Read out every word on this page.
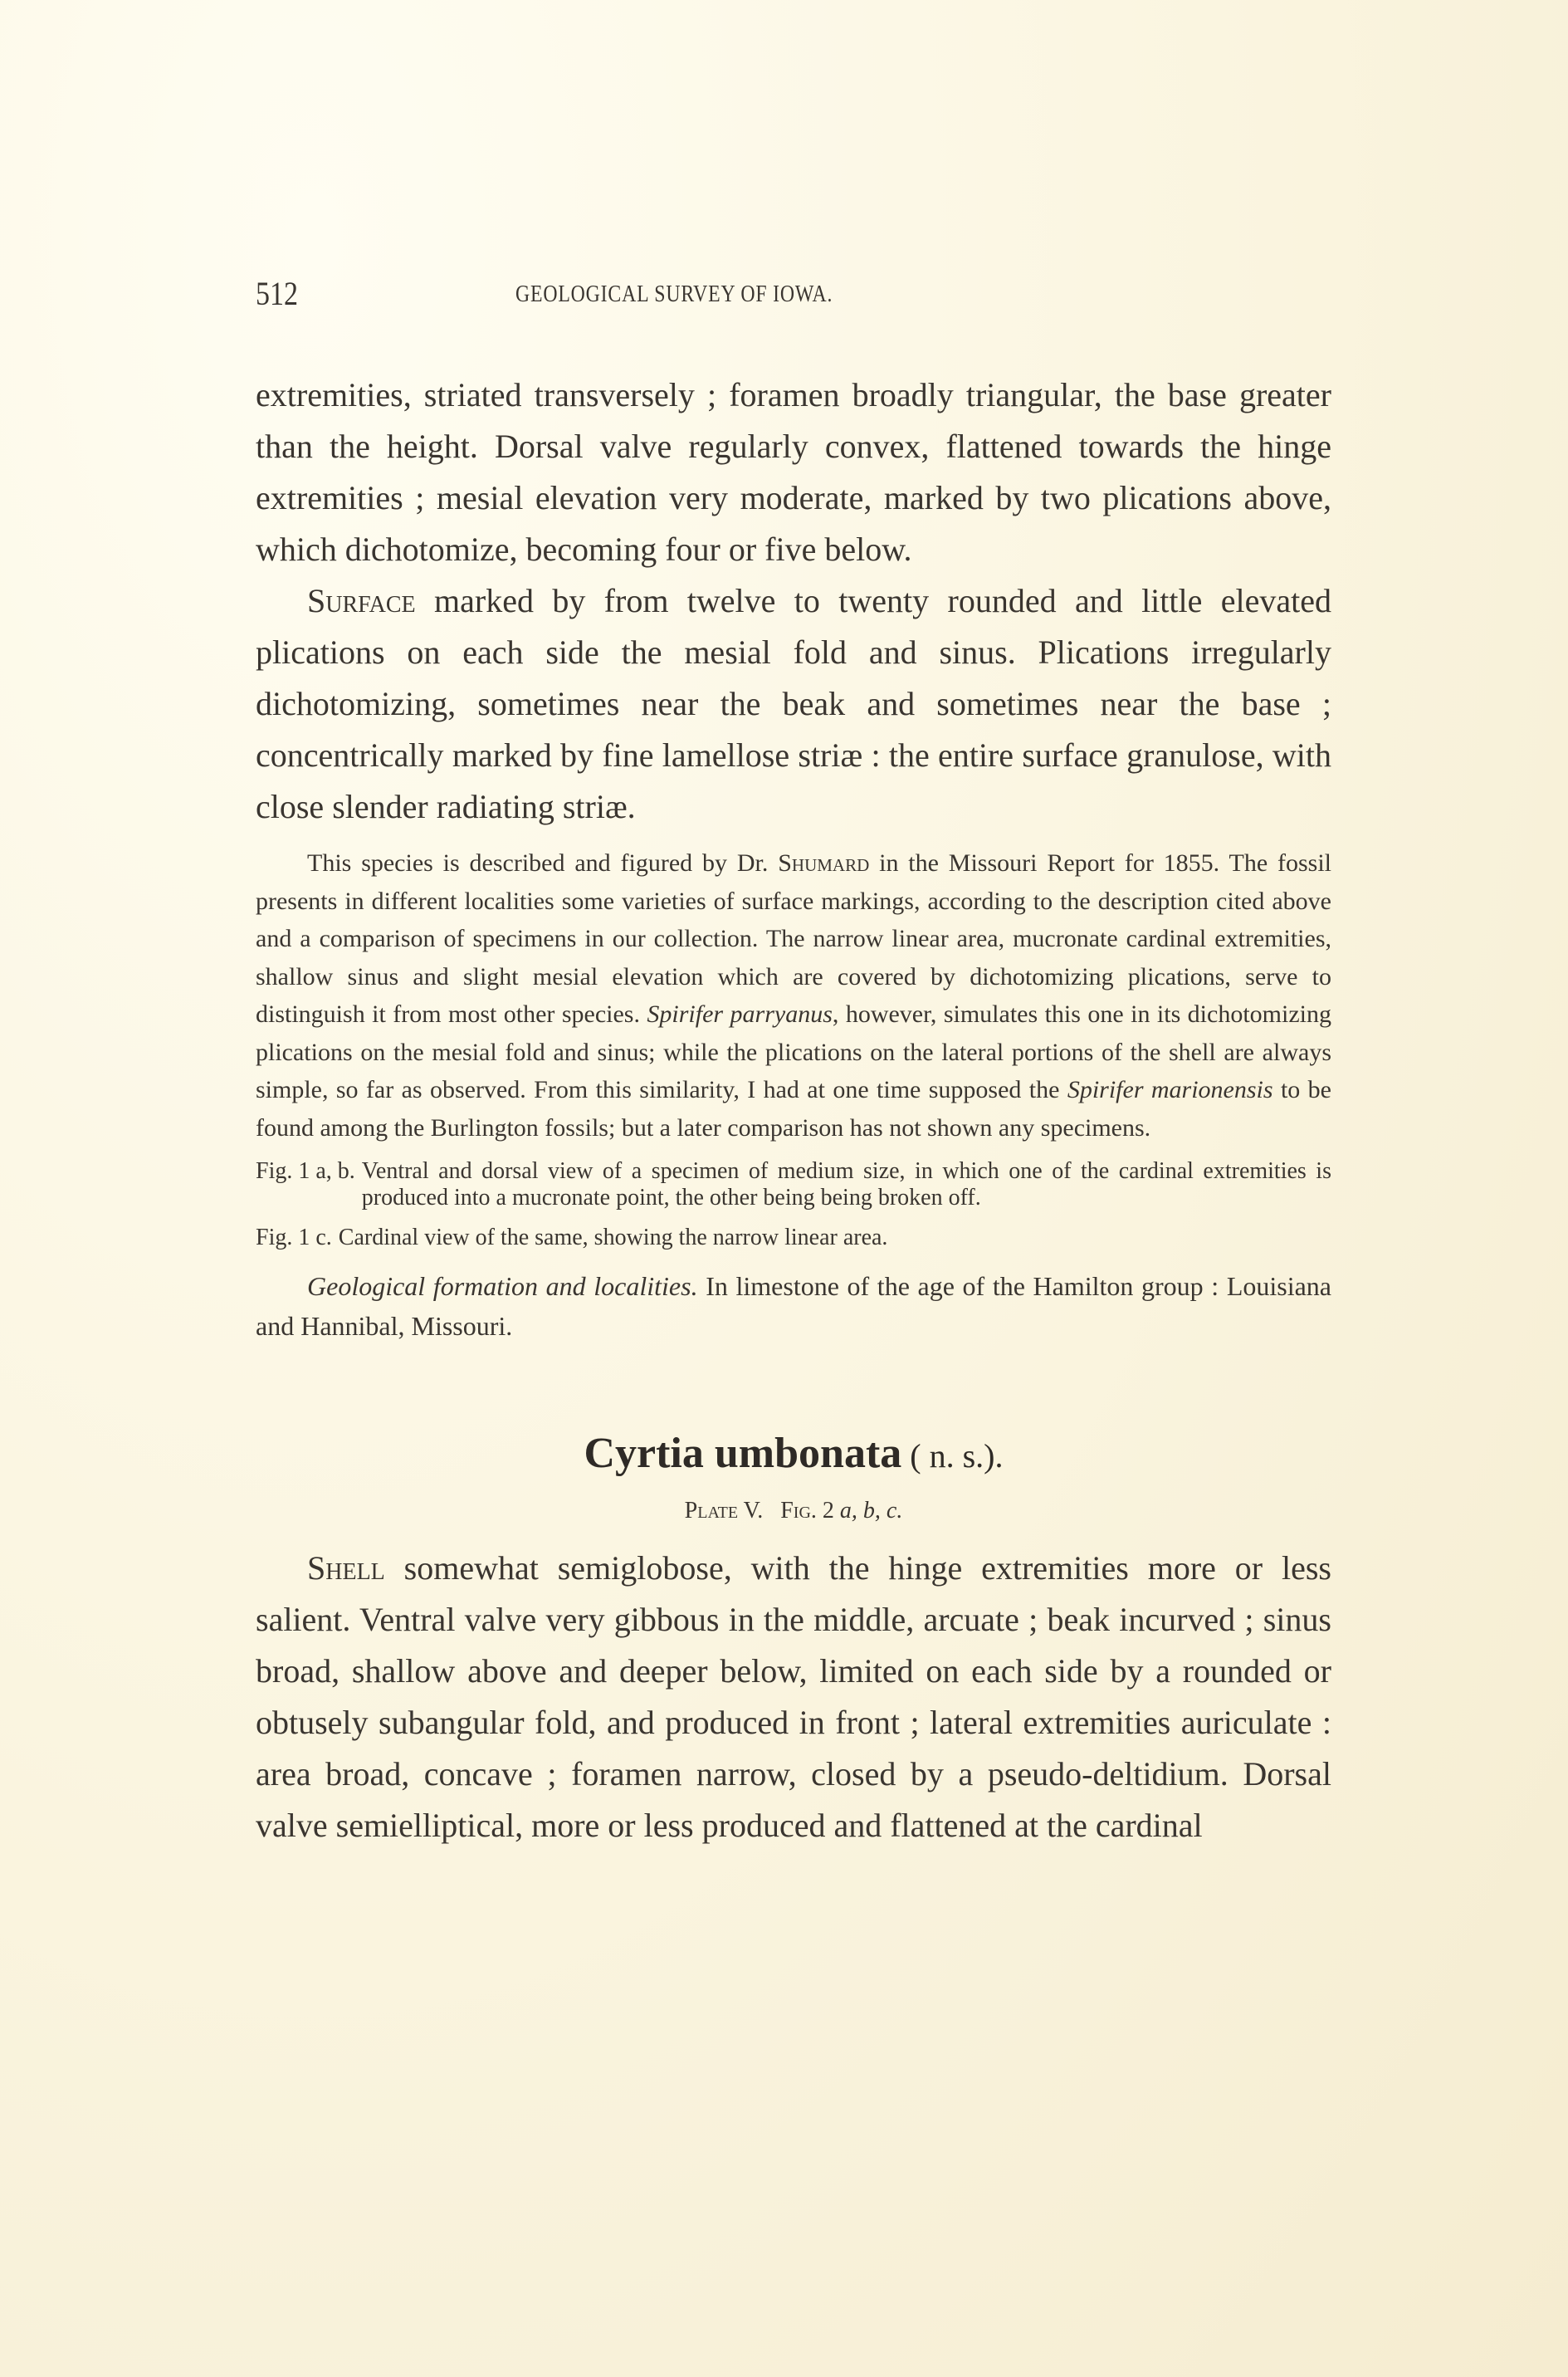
512	GEOLOGICAL SURVEY OF IOWA.

extremities, striated transversely ; foramen broadly triangular, the base greater than the height. Dorsal valve regularly convex, flattened towards the hinge extremities ; mesial elevation very moderate, marked by two plications above, which dichotomize, becoming four or five below.

Surface marked by from twelve to twenty rounded and little elevated plications on each side the mesial fold and sinus. Plications irregularly dichotomizing, sometimes near the beak and sometimes near the base ; concentrically marked by fine lamellose striæ : the entire surface granulose, with close slender radiating striæ.

This species is described and figured by Dr. Shumard in the Missouri Report for 1855. The fossil presents in different localities some varieties of surface markings, according to the description cited above and a comparison of specimens in our collection. The narrow linear area, mucronate cardinal extremities, shallow sinus and slight mesial elevation which are covered by dichotomizing plications, serve to distinguish it from most other species. Spirifer parryanus, however, simulates this one in its dichotomizing plications on the mesial fold and sinus; while the plications on the lateral portions of the shell are always simple, so far as observed. From this similarity, I had at one time supposed the Spirifer marionensis to be found among the Burlington fossils; but a later comparison has not shown any specimens.

Fig. 1 a, b. Ventral and dorsal view of a specimen of medium size, in which one of the cardinal extremities is produced into a mucronate point, the other being being broken off.
Fig. 1 c. Cardinal view of the same, showing the narrow linear area.

Geological formation and localities. In limestone of the age of the Hamilton group : Louisiana and Hannibal, Missouri.

Cyrtia umbonata ( n. s.).
Plate V. Fig. 2 a, b, c.

Shell somewhat semiglobose, with the hinge extremities more or less salient. Ventral valve very gibbous in the middle, arcuate ; beak incurved ; sinus broad, shallow above and deeper below, limited on each side by a rounded or obtusely subangular fold, and produced in front ; lateral extremities auriculate : area broad, concave ; foramen narrow, closed by a pseudo-deltidium. Dorsal valve semielliptical, more or less produced and flattened at the cardinal
